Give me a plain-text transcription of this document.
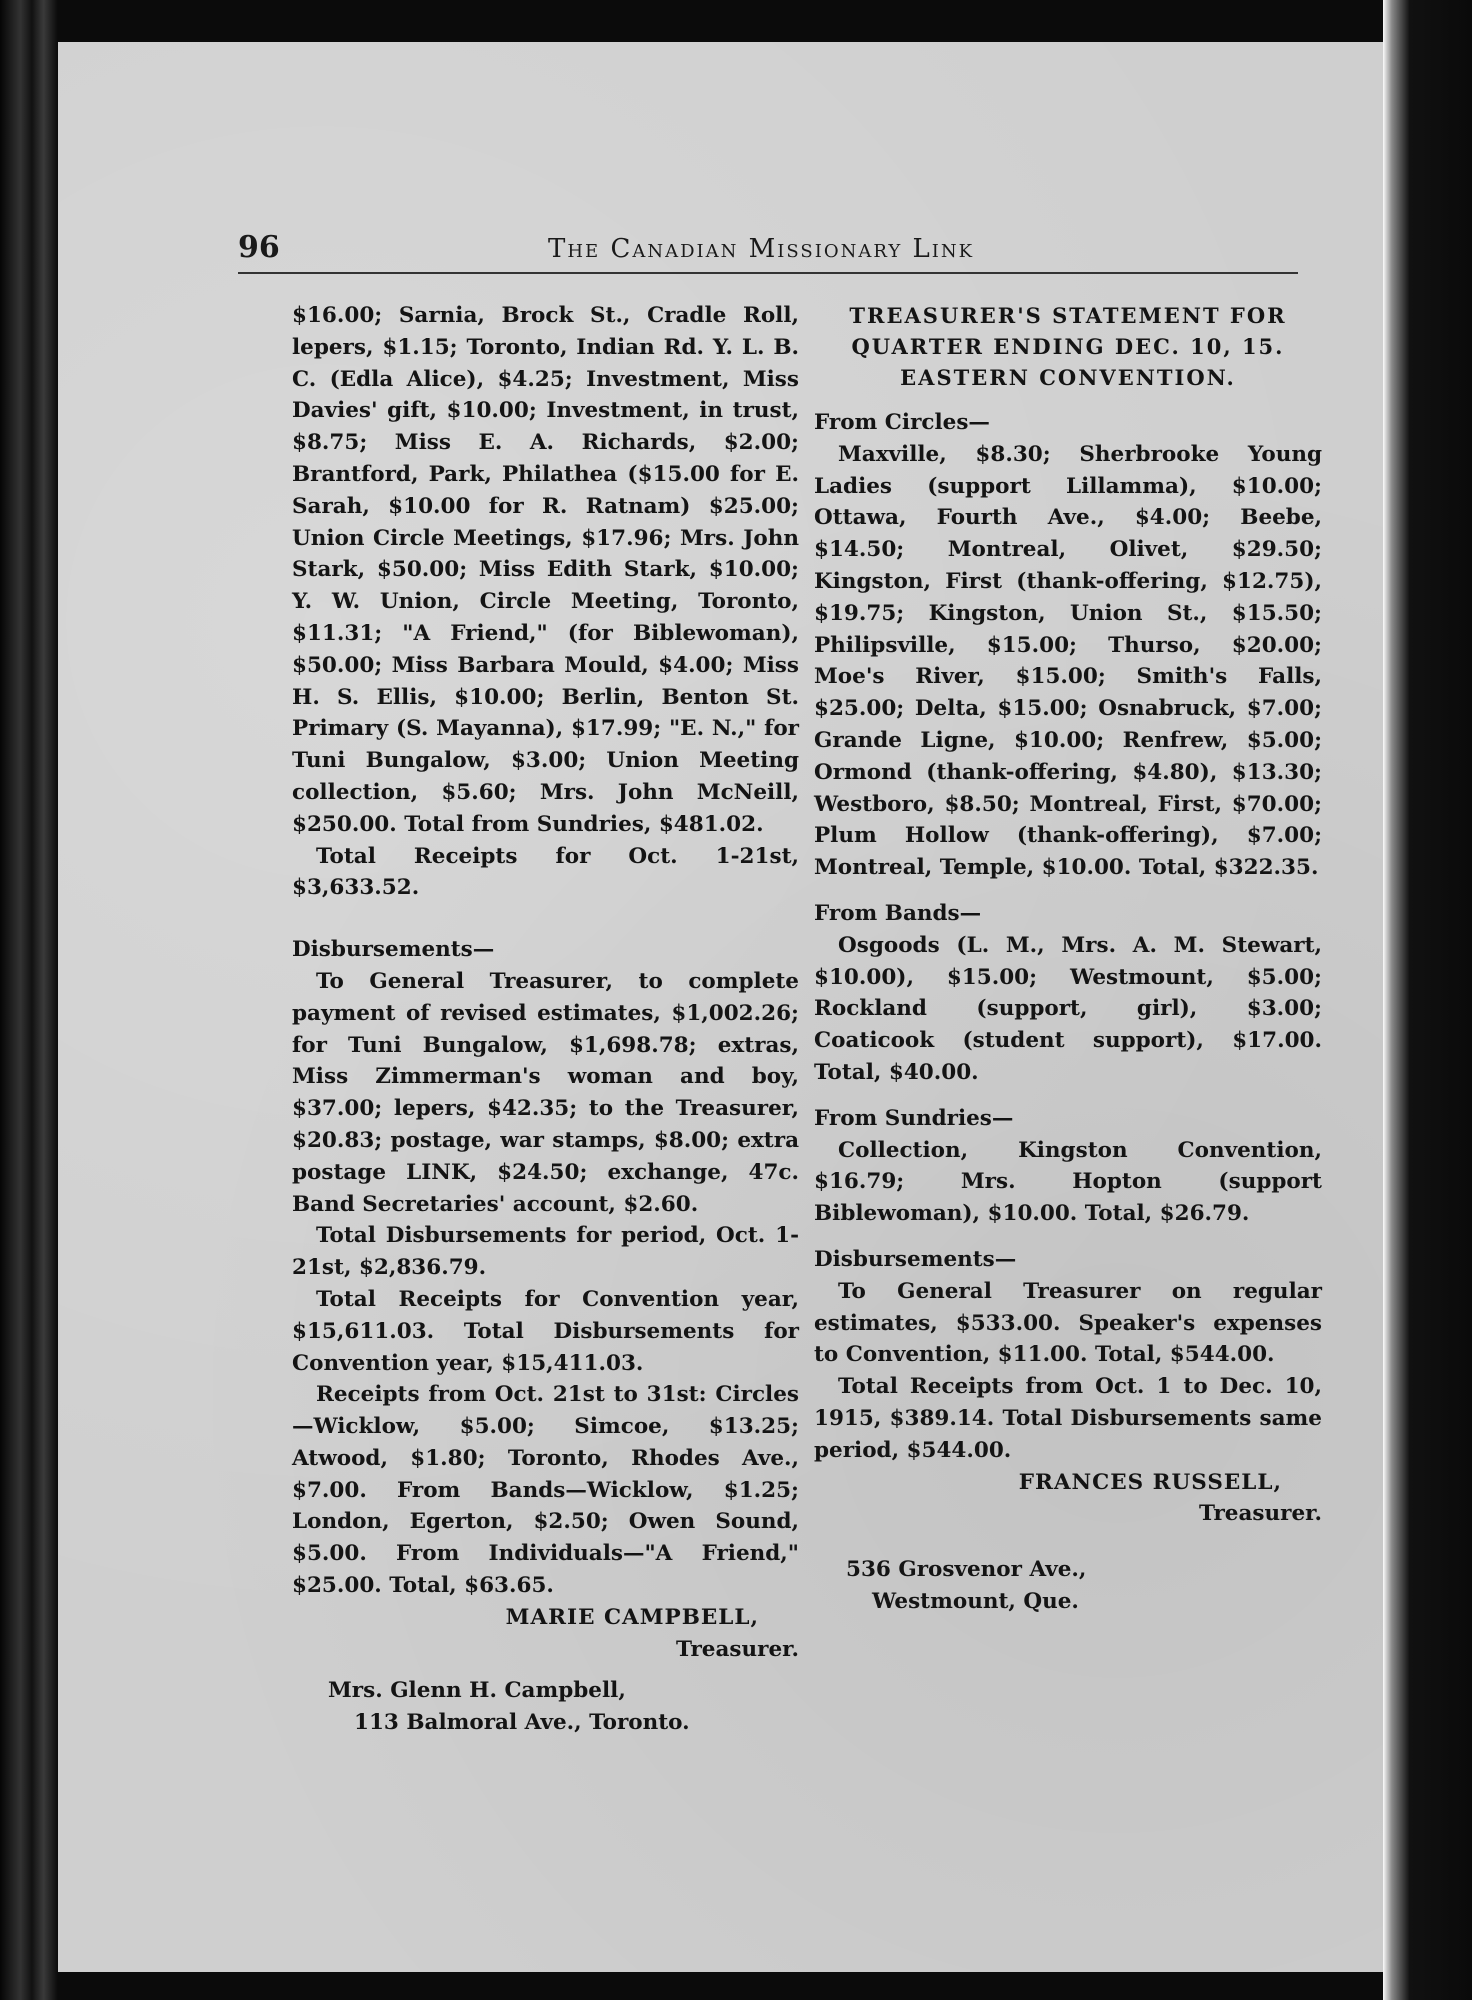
96	The Canadian Missionary Link

$16.00; Sarnia, Brock St., Cradle Roll, lepers, $1.15; Toronto, Indian Rd. Y. L. B. C. (Edla Alice), $4.25; Investment, Miss Davies' gift, $10.00; Investment, in trust, $8.75; Miss E. A. Richards, $2.00; Brantford, Park, Philathea ($15.00 for E. Sarah, $10.00 for R. Ratnam) $25.00; Union Circle Meetings, $17.96; Mrs. John Stark, $50.00; Miss Edith Stark, $10.00; Y. W. Union, Circle Meeting, Toronto, $11.31; "A Friend," (for Biblewoman), $50.00; Miss Barbara Mould, $4.00; Miss H. S. Ellis, $10.00; Berlin, Benton St. Primary (S. Mayanna), $17.99; "E. N.," for Tuni Bungalow, $3.00; Union Meeting collection, $5.60; Mrs. John McNeill, $250.00. Total from Sundries, $481.02.

Total Receipts for Oct. 1-21st, $3,633.52.

Disbursements—

To General Treasurer, to complete payment of revised estimates, $1,002.26; for Tuni Bungalow, $1,698.78; extras, Miss Zimmerman's woman and boy, $37.00; lepers, $42.35; to the Treasurer, $20.83; postage, war stamps, $8.00; extra postage LINK, $24.50; exchange, 47c. Band Secretaries' account, $2.60.

Total Disbursements for period, Oct. 1-21st, $2,836.79.

Total Receipts for Convention year, $15,611.03. Total Disbursements for Convention year, $15,411.03.

Receipts from Oct. 21st to 31st: Circles—Wicklow, $5.00; Simcoe, $13.25; Atwood, $1.80; Toronto, Rhodes Ave., $7.00. From Bands—Wicklow, $1.25; London, Egerton, $2.50; Owen Sound, $5.00. From Individuals—"A Friend," $25.00. Total, $63.65.

MARIE CAMPBELL,

Treasurer.

Mrs. Glenn H. Campbell,

113 Balmoral Ave., Toronto.

TREASURER'S STATEMENT FOR

QUARTER ENDING DEC. 10, 15.

EASTERN CONVENTION.

From Circles—

Maxville, $8.30; Sherbrooke Young Ladies (support Lillamma), $10.00; Ottawa, Fourth Ave., $4.00; Beebe, $14.50; Montreal, Olivet, $29.50; Kingston, First (thank-offering, $12.75), $19.75; Kingston, Union St., $15.50; Philipsville, $15.00; Thurso, $20.00; Moe's River, $15.00; Smith's Falls, $25.00; Delta, $15.00; Osnabruck, $7.00; Grande Ligne, $10.00; Renfrew, $5.00; Ormond (thank-offering, $4.80), $13.30; Westboro, $8.50; Montreal, First, $70.00; Plum Hollow (thank-offering), $7.00; Montreal, Temple, $10.00. Total, $322.35.

From Bands—

Osgoods (L. M., Mrs. A. M. Stewart, $10.00), $15.00; Westmount, $5.00; Rockland (support, girl), $3.00; Coaticook (student support), $17.00. Total, $40.00.

From Sundries—

Collection, Kingston Convention, $16.79; Mrs. Hopton (support Biblewoman), $10.00. Total, $26.79.

Disbursements—

To General Treasurer on regular estimates, $533.00. Speaker's expenses to Convention, $11.00. Total, $544.00.

Total Receipts from Oct. 1 to Dec. 10, 1915, $389.14. Total Disbursements same period, $544.00.

FRANCES RUSSELL,

Treasurer.

536 Grosvenor Ave.,

Westmount, Que.
